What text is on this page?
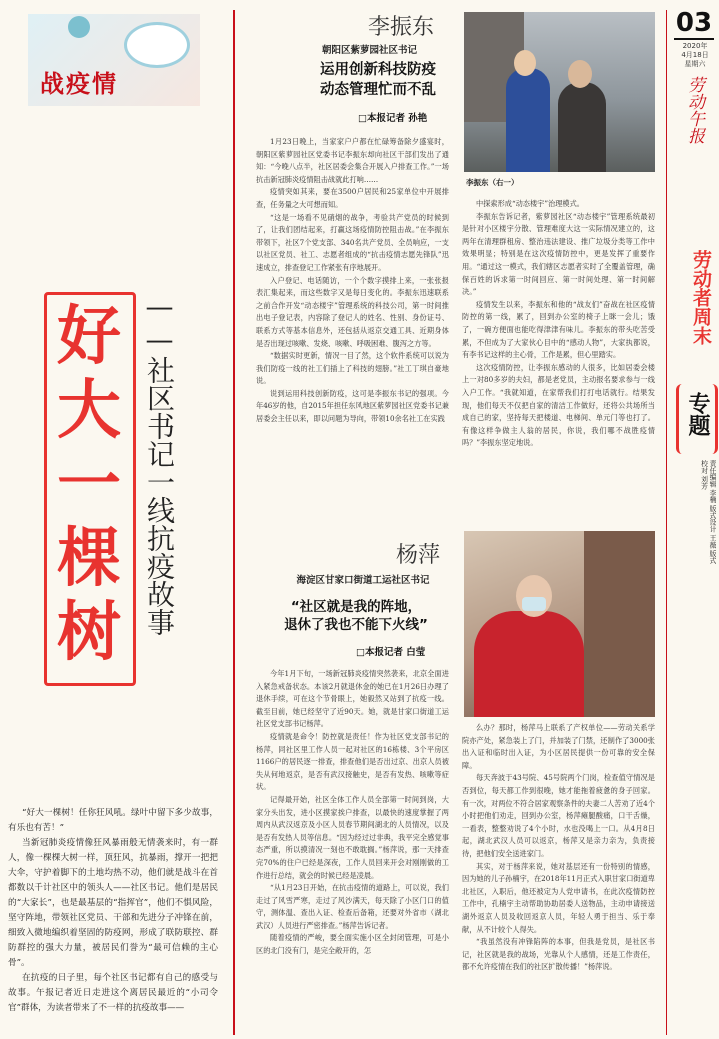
战疫情
好大一棵树 ——社区书记一线抗疫故事

“好大一棵树！任你狂风吼。绿叶中留下多少故事，有乐也有苦！”

当新冠肺炎疫情像狂风暴雨般无情袭来时，有一群人，像一棵棵大树一样，顶狂风，抗暴雨，撑开一把把大伞，守护着脚下的土地均热不动，他们就是战斗在首都数以千计社区中的领头人——社区书记。他们是居民的“大家长”，也是最基层的“指挥官”，他们不惧风险，坚守阵地，带领社区党员、干部和先进分子冲锋在前，细致入微地编织着坚固的防疫网，形成了联防联控、群防群控的强大力量，被居民们誉为“最可信赖的主心骨”。

在抗疫的日子里，每个社区书记都有自己的感受与故事。午报记者近日走进这个离居民最近的“小司令官”群体，为读者带来了不一样的抗疫故事——

李振东
朝阳区紫萝园社区书记
运用创新科技防疫
动态管理忙而不乱
□本报记者 孙艳
李振东（右一）

1月23日晚上，当家家户户都在忙碌筹备除夕盛宴时，朝阳区紫萝园社区党委书记李振东却向社区干部们发出了通知：“今晚八点半，社区居委会集合开展入户排查工作。”一场抗击新冠肺炎疫情阻击战就此打响……

疫情突如其来，要在3500户居民和25家单位中开展排查，任务量之大可想而知。

“这是一场看不见硝烟的战争，考验共产党员的时候到了，让我们团结起来，打赢这场疫情防控阻击战。”在李振东带领下，社区7个党支部、340名共产党员、全员响应，一支以社区党员、社工、志愿者组成的“抗击疫情志愿先锋队”迅速成立，排查登记工作紧张有序地展开。

入户登记、电话随访，一个个数字摸排上来，一张张报表汇集起来，而这些数字又是每日变化的。李振东迅速联系之前合作开发“动态楼宇”管理系统的科技公司，第一时间推出电子登记表，内容除了登记人的姓名、性别、身份证号、联系方式等基本信息外，还包括从返京交通工具、近期身体是否出现过咳嗽、发烧、咳嗽、呼吸困难、腹泻之方等。

“数据实时更新，情况一目了然，这个软件系统可以说为我们防疫一线的社工们插上了科技的翅膀。”社工丁琪自豪地说。

说到运用科技创新防疫，这可是李振东书记的强项。今年46岁的他，自2015年担任东风地区紫萝园社区党委书记兼居委会主任以来，即以问题为导向，带领10余名社工在实践

中探索形成“动态楼宇”治理模式。

李振东告诉记者，紫萝园社区“动态楼宇”管理系统最初是针对小区楼宇分散、管理难度大这一实际情况建立的，这两年在清理群租房、整治违法建设、推广垃圾分类等工作中效果明显；特别是在这次疫情防控中，更是发挥了重要作用。“通过这一模式，我们辖区志愿者实时了全覆盖管理，确保百姓的诉求第一时间回应、第一时间处理、第一时间解决。”

疫情发生以来，李振东和他的“战友们”奋战在社区疫情防控的第一线，累了，回到办公室的椅子上眯一会儿；饿了，一碗方便面也能吃得津津有味儿。李振东的带头吃苦受累，不但成为了大家伙心目中的“感动人物”，大家执都说，有李书记这样的主心骨，工作是累，但心里踏实。

这次疫情防控，让李振东感动的人很多，比如居委会楼上一对80多岁的夫妇，都是老党员，主动报名要求参与一线入户工作。“我就知道，在家帮我们打打电话就行。结果发现，他们每天不仅把自家的清洁工作做好，还将公共场所当成自己的家，坚持每天把楼道、电梯间、单元门等也打了。有像这样争做主人翁的居民，你说，我们哪不战胜疫情吗？”李振东坚定地说。

杨萍
海淀区甘家口街道工运社区书记
“社区就是我的阵地，
退休了我也不能下火线”
□本报记者 白莹

今年1月下旬，一场新冠肺炎疫情突然袭来，北京全面进入紧急戒备状态。本该2月就退休金的她已在1月26日办理了退休手续，可在这个节骨眼上，她毅然又站到了抗疫一线。截至目前，她已经坚守了近90天。她，就是甘家口街道工运社区党支部书记杨萍。

疫情就是命令！防控就是责任！作为社区党支部书记的杨萍，同社区里工作人员一起对社区的16栋楼、3个平房区1166户的居民逐一排查，排查他们是否出过京、出京人员被失从何地返京，是否有武汉接触史，是否有发热、咳嗽等症状。

记得最开始，社区全体工作人员全部第一时间到岗，大家分头出发，进小区摸家挨户排查，以最快的速度掌握了两周内从武汉返京及小区人员春节期间湖北的人员情况，以及是否有发热人员等信息。“因为经过过非典，我平完全感觉事态严重，所以摸清况一刻也不敢耽搁。”杨萍说，那一天排查完70%的住户已经是深夜，工作人员回来开会对刚刚做的工作进行总结，就会的时候已经是凌晨。

“从1月23日开始，在抗击疫情的道路上，可以说，我们走过了风雪严寒，走过了风沙满天，每天除了小区门口的值守，测体温、查出入证、检查后备箱，还要对外省市（湖北武汉）人员进行严密排查。”杨萍告诉记者。

随着疫情的严峻，要全面实施小区全封闭管理，可是小区的北门没有门，是完全敞开的，怎

么办？那时，杨萍马上联系了产权单位——劳动关系学院亦产处，紧急装上了门，并加装了门禁，还制作了3000张出入证和临时出入证，为小区居民提供一份可靠的安全保障。

每天奔波于43号院、45号院两个门岗，检查值守情况是否到位，每天都工作到很晚，她才能拖着疲惫的身子回家。有一次，对两位不符合居家观察条件的夫妻二人苦劝了近4个小时把他们劝走，回到办公室，杨萍瘫腿酸痛，口干舌燥，一看表，整整劝说了4个小时，水也没喝上一口。从4月8日起，湖北武汉人员可以返京，杨萍又是亲力亲为，负责接待，把他们安全送进家门。

其实，对于杨萍来说，她对基层还有一份特别的情感，因为她的儿子孙楠宇，在2018年11月正式入职甘家口街道卑北社区，入职后，他还被定为人党申请书，在此次疫情防控工作中，孔楠宇主动帮助协助居委人送物品，主动申请接送湖外返京人员及收回返京人员，年轻人勇于担当、乐于奉献，从不计较个人得失。

“我虽然没有冲锋陷阵的本事，但我是党员，是社区书记，社区就是我的战场，光靠从个人感情，还是工作责任，都不允许疫情在我们的社区扩散传播！”杨萍说。

03
2020年
4月18日
星期六
劳动午报
劳动者周末
专题
责任编辑 李楠 版式设计 王薇 版式校对 刘芳
